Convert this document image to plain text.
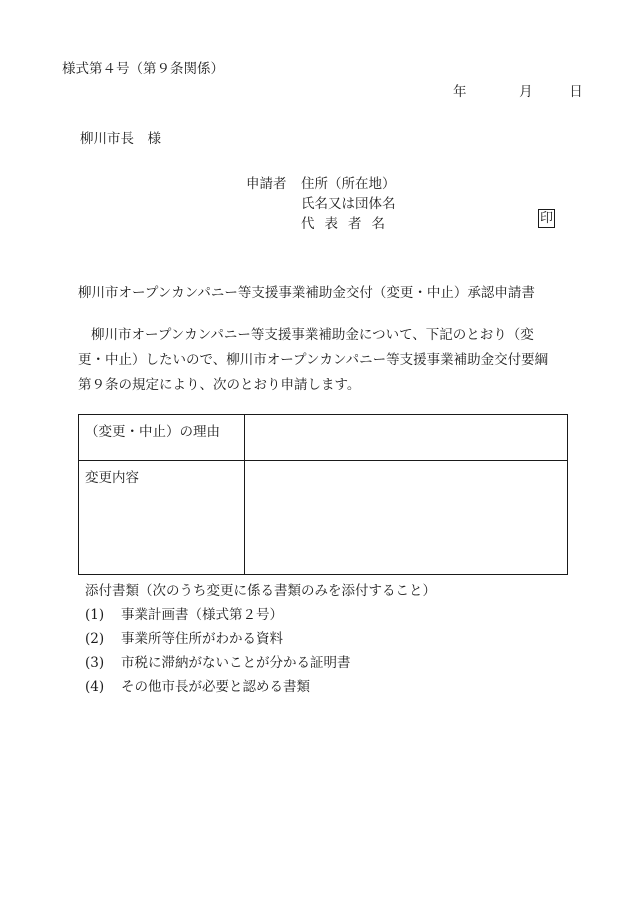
様式第４号（第９条関係）
年	月	日
柳川市長　様
申請者 住所（所在地）
氏名又は団体名
代表者名	印
柳川市オープンカンパニー等支援事業補助金交付（変更・中止）承認申請書
柳川市オープンカンパニー等支援事業補助金について、下記のとおり（変更・中止）したいので、柳川市オープンカンパニー等支援事業補助金交付要綱第９条の規定により、次のとおり申請します。
（変更・中止）の理由	
変更内容	
添付書類（次のうち変更に係る書類のみを添付すること）
(1) 事業計画書（様式第２号）
(2) 事業所等住所がわかる資料
(3) 市税に滞納がないことが分かる証明書
(4) その他市長が必要と認める書類
